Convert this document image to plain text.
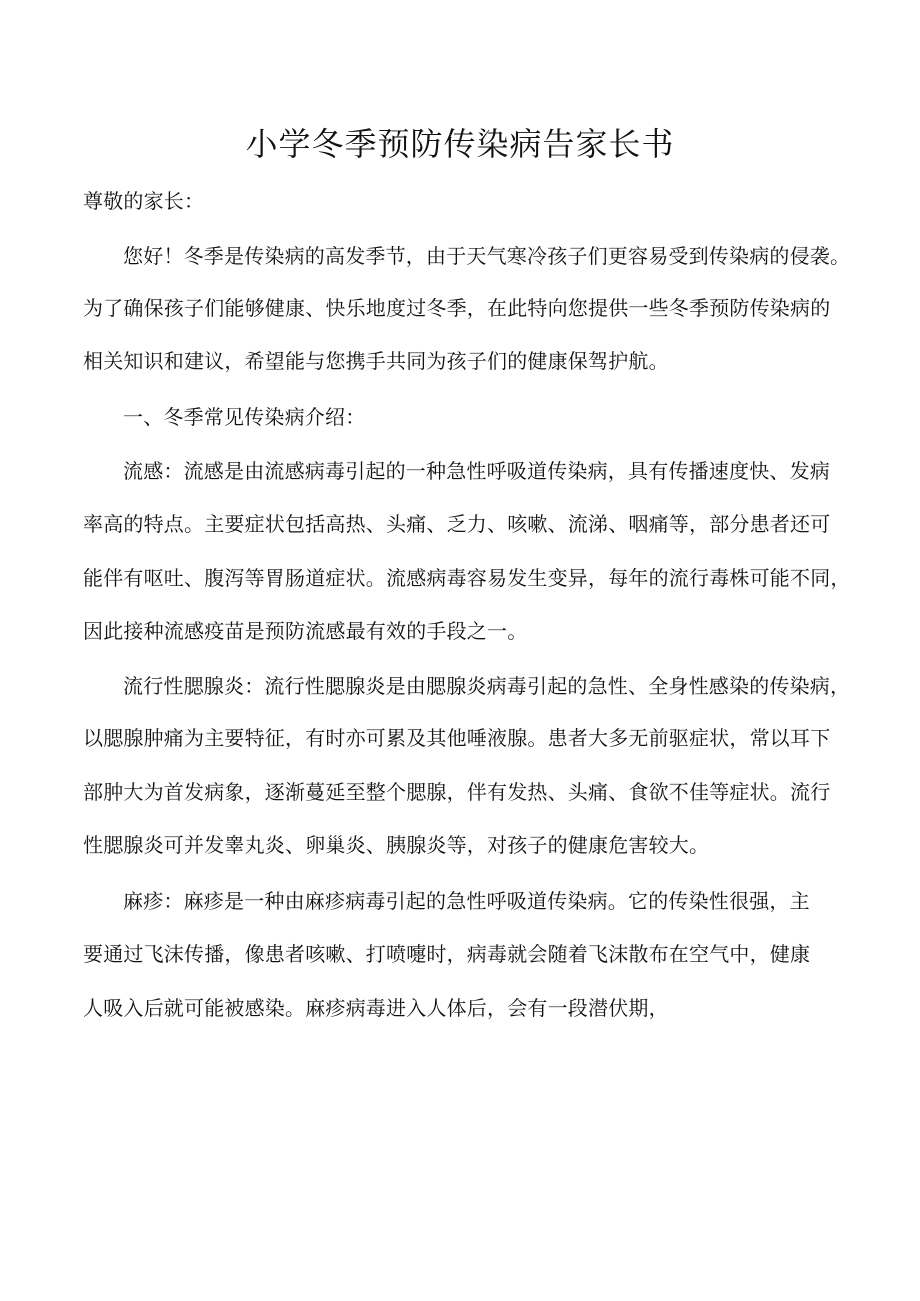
小学冬季预防传染病告家长书
尊敬的家长：
您好！冬季是传染病的高发季节，由于天气寒冷孩子们更容易受到传染病的侵袭。
为了确保孩子们能够健康、快乐地度过冬季，在此特向您提供一些冬季预防传染病的
相关知识和建议，希望能与您携手共同为孩子们的健康保驾护航。
一、冬季常见传染病介绍：
流感：流感是由流感病毒引起的一种急性呼吸道传染病，具有传播速度快、发病
率高的特点。主要症状包括高热、头痛、乏力、咳嗽、流涕、咽痛等，部分患者还可
能伴有呕吐、腹泻等胃肠道症状。流感病毒容易发生变异，每年的流行毒株可能不同，
因此接种流感疫苗是预防流感最有效的手段之一。
流行性腮腺炎：流行性腮腺炎是由腮腺炎病毒引起的急性、全身性感染的传染病，
以腮腺肿痛为主要特征，有时亦可累及其他唾液腺。患者大多无前驱症状，常以耳下
部肿大为首发病象，逐渐蔓延至整个腮腺，伴有发热、头痛、食欲不佳等症状。流行
性腮腺炎可并发睾丸炎、卵巢炎、胰腺炎等，对孩子的健康危害较大。
麻疹：麻疹是一种由麻疹病毒引起的急性呼吸道传染病。它的传染性很强，主
要通过飞沫传播，像患者咳嗽、打喷嚏时，病毒就会随着飞沫散布在空气中，健康
人吸入后就可能被感染。麻疹病毒进入人体后，会有一段潜伏期，
